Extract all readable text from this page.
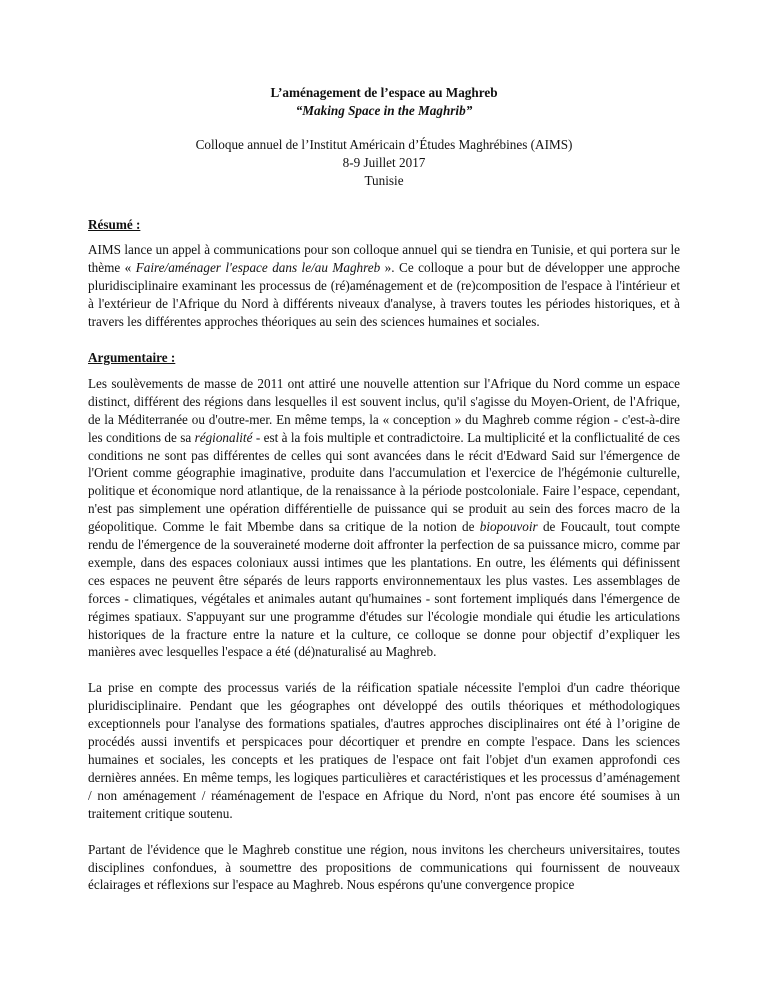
L’aménagement de l’espace au Maghreb
“Making Space in the Maghrib”
Colloque annuel de l’Institut Américain d’Études Maghrébines (AIMS)
8-9 Juillet 2017
Tunisie
Résumé :

AIMS lance un appel à communications pour son colloque annuel qui se tiendra en Tunisie, et qui portera sur le thème « Faire/aménager l'espace dans le/au Maghreb ». Ce colloque a pour but de développer une approche pluridisciplinaire examinant les processus de (ré)aménagement et de (re)composition de l'espace à l'intérieur et à l'extérieur de l'Afrique du Nord à différents niveaux d'analyse, à travers toutes les périodes historiques, et à travers les différentes approches théoriques au sein des sciences humaines et sociales.

Argumentaire :

Les soulèvements de masse de 2011 ont attiré une nouvelle attention sur l'Afrique du Nord comme un espace distinct, différent des régions dans lesquelles il est souvent inclus, qu'il s'agisse du Moyen-Orient, de l'Afrique, de la Méditerranée ou d'outre-mer. En même temps, la « conception » du Maghreb comme région - c'est-à-dire les conditions de sa régionalité - est à la fois multiple et contradictoire. La multiplicité et la conflictualité de ces conditions ne sont pas différentes de celles qui sont avancées dans le récit d'Edward Said sur l'émergence de l'Orient comme géographie imaginative, produite dans l'accumulation et l'exercice de l'hégémonie culturelle, politique et économique nord atlantique, de la renaissance à la période postcoloniale. Faire l’espace, cependant, n'est pas simplement une opération différentielle de puissance qui se produit au sein des forces macro de la géopolitique. Comme le fait Mbembe dans sa critique de la notion de biopouvoir de Foucault, tout compte rendu de l'émergence de la souveraineté moderne doit affronter la perfection de sa puissance micro, comme par exemple, dans des espaces coloniaux aussi intimes que les plantations. En outre, les éléments qui définissent ces espaces ne peuvent être séparés de leurs rapports environnementaux les plus vastes. Les assemblages de forces - climatiques, végétales et animales autant qu'humaines - sont fortement impliqués dans l'émergence de régimes spatiaux. S'appuyant sur une programme d'études sur l'écologie mondiale qui étudie les articulations historiques de la fracture entre la nature et la culture, ce colloque se donne pour objectif d’expliquer les manières avec lesquelles l'espace a été (dé)naturalisé au Maghreb.

La prise en compte des processus variés de la réification spatiale nécessite l'emploi d'un cadre théorique pluridisciplinaire. Pendant que les géographes ont développé des outils théoriques et méthodologiques exceptionnels pour l'analyse des formations spatiales, d'autres approches disciplinaires ont été à l’origine de procédés aussi inventifs et perspicaces pour décortiquer et prendre en compte l'espace. Dans les sciences humaines et sociales, les concepts et les pratiques de l'espace ont fait l'objet d'un examen approfondi ces dernières années. En même temps, les logiques particulières et caractéristiques et les processus d’aménagement / non aménagement / réaménagement de l'espace en Afrique du Nord, n'ont pas encore été soumises à un traitement critique soutenu.

Partant de l'évidence que le Maghreb constitue une région, nous invitons les chercheurs universitaires, toutes disciplines confondues, à soumettre des propositions de communications qui fournissent de nouveaux éclairages et réflexions sur l'espace au Maghreb. Nous espérons qu'une convergence propice
